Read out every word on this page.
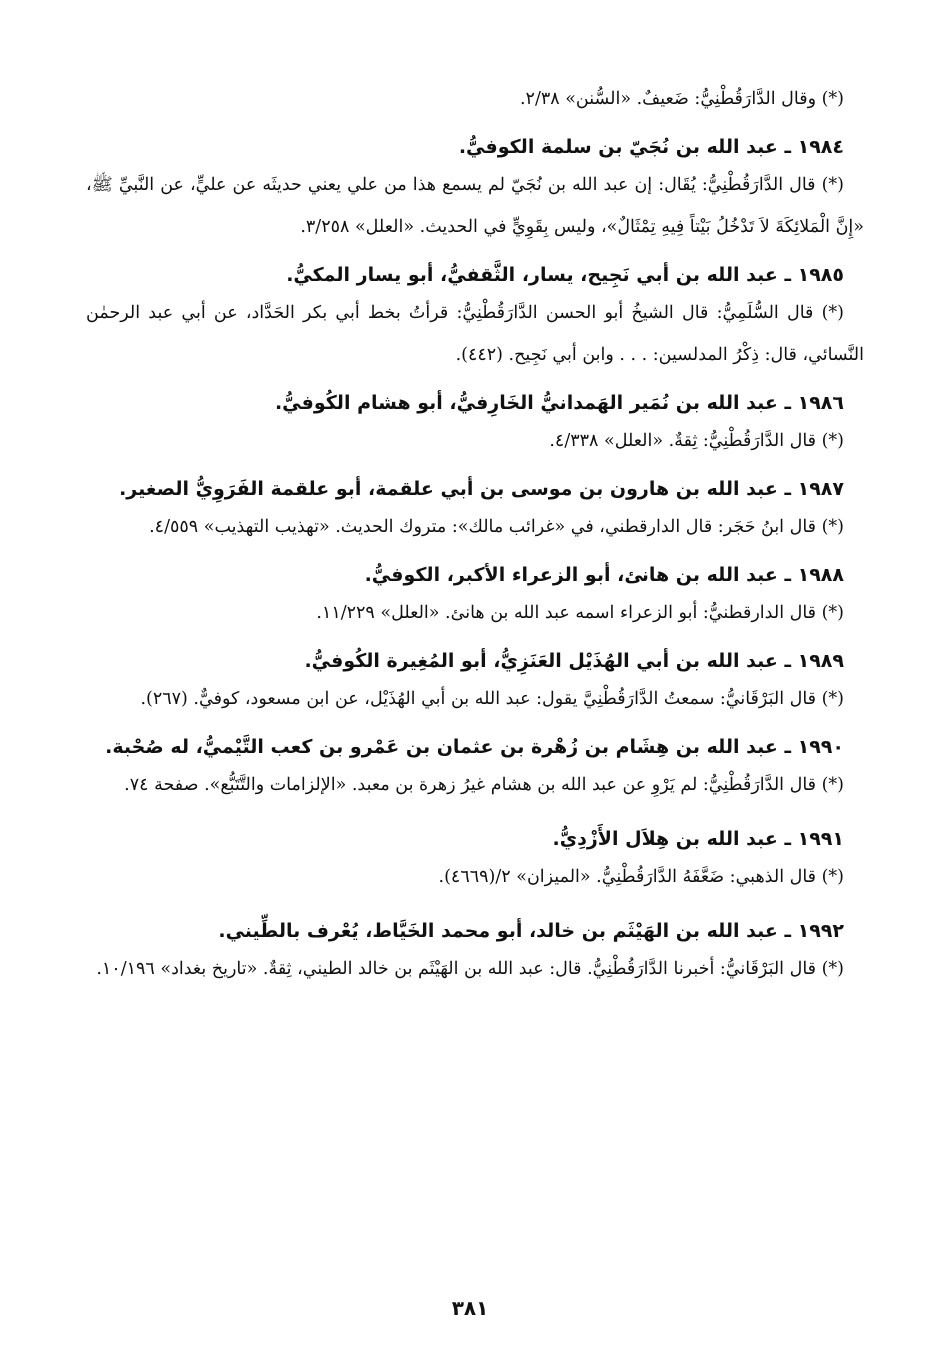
(*) وقال الدَّارَقُطْنِيُّ: ضَعيفٌ. «السُّنن» ٢/٣٨.

١٩٨٤ ـ عبد الله بن نُجَيّ بن سلمة الكوفيُّ.

(*) قال الدَّارَقُطْنِيُّ: يُقَال: إن عبد الله بن نُجَيّ لم يسمع هذا من علي يعني حديثَه عن عليٍّ، عن النَّبيِّ ﷺ، «إِنَّ الْمَلائِكَةَ لاَ تَدْخُلُ بَيْتاً فِيهِ تِمْثَالٌ»، وليس بِقَوِيٍّ في الحديث. «العلل» ٣/٢٥٨.

١٩٨٥ ـ عبد الله بن أبي نَجِيح، يسار، الثَّقفيُّ، أبو يسار المكيُّ.

(*) قال السُّلَمِيُّ: قال الشيخُ أبو الحسن الدَّارَقُطْنِيُّ: قرأتُ بخط أبي بكر الحَدَّاد، عن أبي عبد الرحمٰن النَّسائي، قال: ذِكْرُ المدلسين: . . . وابن أبي نَجِيح. (٤٤٢).

١٩٨٦ ـ عبد الله بن نُمَير الهَمدانيُّ الخَارِفيُّ، أبو هشام الكُوفيُّ.

(*) قال الدَّارَقُطْنِيُّ: ثِقةٌ. «العلل» ٤/٣٣٨.

١٩٨٧ ـ عبد الله بن هارون بن موسى بن أبي علقمة، أبو علقمة الفَرَوِيُّ الصغير.

(*) قال ابنُ حَجَر: قال الدارقطني، في «غرائب مالك»: متروك الحديث. «تهذيب التهذيب» ٤/٥٥٩.

١٩٨٨ ـ عبد الله بن هانئ، أبو الزعراء الأكبر، الكوفيُّ.

(*) قال الدارقطنيُّ: أبو الزعراء اسمه عبد الله بن هانئ. «العلل» ١١/٢٢٩.

١٩٨٩ ـ عبد الله بن أبي الهُذَيْل العَنَزِيُّ، أبو المُغِيرة الكُوفيُّ.

(*) قال البَرْقَانيُّ: سمعتُ الدَّارَقُطْنِيَّ يقول: عبد الله بن أبي الهُذَيْل، عن ابن مسعود، كوفيٌّ. (٢٦٧).

١٩٩٠ ـ عبد الله بن هِشَام بن زُهْرة بن عثمان بن عَمْرو بن كعب التَّيْميُّ، له صُحْبة.

(*) قال الدَّارَقُطْنِيُّ: لم يَرْوِ عن عبد الله بن هشام غيرُ زهرة بن معبد. «الإلزامات والتَّتَبُّع». صفحة ٧٤.

١٩٩١ ـ عبد الله بن هِلاَل الأَزْدِيُّ.

(*) قال الذهبي: ضَعَّفَهُ الدَّارَقُطْنِيُّ. «الميزان» ٢/(٤٦٦٩).

١٩٩٢ ـ عبد الله بن الهَيْثَم بن خالد، أبو محمد الخَيَّاط، يُعْرف بالطِّيني.

(*) قال البَرْقَانيُّ: أخبرنا الدَّارَقُطْنِيُّ. قال: عبد الله بن الهَيْثَم بن خالد الطيني، ثِقةٌ. «تاريخ بغداد» ١٠/١٩٦.

٣٨١
